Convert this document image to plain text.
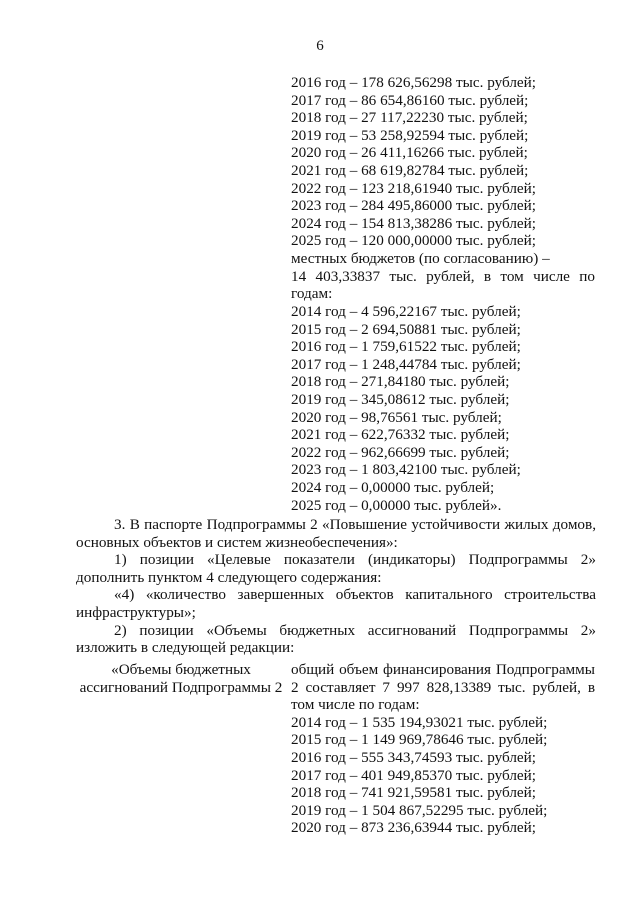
6
2016 год – 178 626,56298 тыс. рублей;
2017 год – 86 654,86160 тыс. рублей;
2018 год – 27 117,22230 тыс. рублей;
2019 год – 53 258,92594 тыс. рублей;
2020 год – 26 411,16266 тыс. рублей;
2021 год – 68 619,82784 тыс. рублей;
2022 год – 123 218,61940 тыс. рублей;
2023 год – 284 495,86000 тыс. рублей;
2024 год – 154 813,38286 тыс. рублей;
2025 год – 120 000,00000 тыс. рублей;
местных бюджетов (по согласованию) –
14 403,33837 тыс. рублей, в том числе по
годам:
2014 год – 4 596,22167 тыс. рублей;
2015 год – 2 694,50881 тыс. рублей;
2016 год – 1 759,61522 тыс. рублей;
2017 год – 1 248,44784 тыс. рублей;
2018 год – 271,84180 тыс. рублей;
2019 год – 345,08612 тыс. рублей;
2020 год – 98,76561 тыс. рублей;
2021 год – 622,76332 тыс. рублей;
2022 год – 962,66699 тыс. рублей;
2023 год – 1 803,42100 тыс. рублей;
2024 год – 0,00000 тыс. рублей;
2025 год – 0,00000 тыс. рублей».
3. В паспорте Подпрограммы 2 «Повышение устойчивости жилых домов,
основных объектов и систем жизнеобеспечения»:
1) позиции «Целевые показатели (индикаторы) Подпрограммы 2»
дополнить пунктом 4 следующего содержания:
«4) «количество завершенных объектов капитального строительства
инфраструктуры»;
2) позиции «Объемы бюджетных ассигнований Подпрограммы 2»
изложить в следующей редакции:
«Объемы бюджетных
ассигнований Подпрограммы 2
общий объем финансирования Подпрограммы
2 составляет 7 997 828,13389 тыс. рублей, в
том числе по годам:
2014 год – 1 535 194,93021 тыс. рублей;
2015 год – 1 149 969,78646 тыс. рублей;
2016 год – 555 343,74593 тыс. рублей;
2017 год – 401 949,85370 тыс. рублей;
2018 год – 741 921,59581 тыс. рублей;
2019 год – 1 504 867,52295 тыс. рублей;
2020 год – 873 236,63944 тыс. рублей;
